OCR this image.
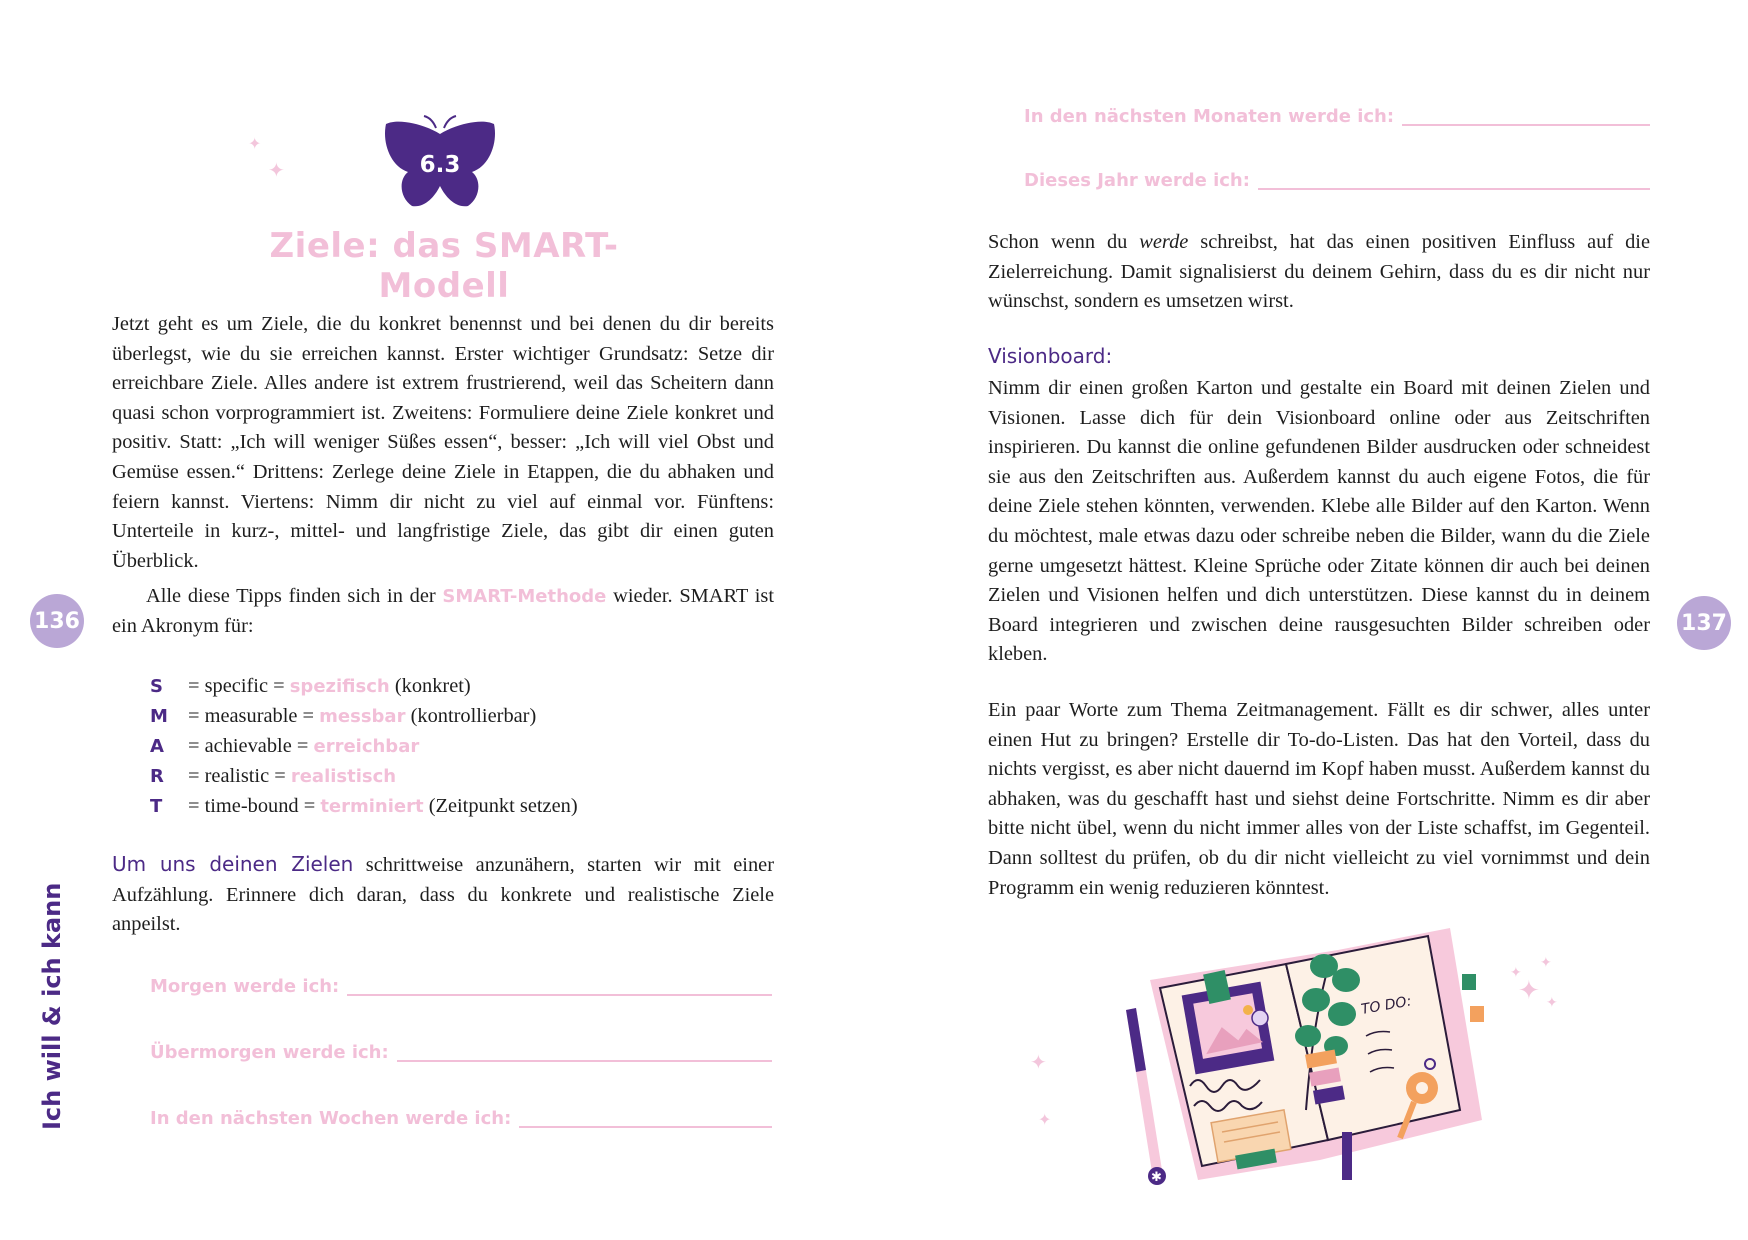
✦
✦	6.3
Ziele: das SMART-Modell

Jetzt geht es um Ziele, die du konkret benennst und bei denen du dir bereits überlegst, wie du sie erreichen kannst. Erster wichtiger Grundsatz: Setze dir erreichbare Ziele. Alles andere ist extrem frustrierend, weil das Scheitern dann quasi schon vorprogrammiert ist. Zweitens: Formuliere deine Ziele konkret und positiv. Statt: „Ich will weniger Süßes essen“, besser: „Ich will viel Obst und Gemüse essen.“ Drittens: Zerlege deine Ziele in Etappen, die du abhaken und feiern kannst. Viertens: Nimm dir nicht zu viel auf einmal vor. Fünftens: Unterteile in kurz-, mittel- und langfristige Ziele, das gibt dir einen guten Überblick.

Alle diese Tipps finden sich in der SMART-Methode wieder. SMART ist ein Akronym für:

136
S = specific = spezifisch (konkret)
M = measurable = messbar (kontrollierbar)
A = achievable = erreichbar
R = realistic = realistisch
T = time-bound = terminiert (Zeitpunkt setzen)

Um uns deinen Zielen schrittweise anzunähern, starten wir mit einer Aufzählung. Erinnere dich daran, dass du konkrete und realistische Ziele anpeilst.

Morgen werde ich:
Übermorgen werde ich:
In den nächsten Wochen werde ich:
Ich will & ich kann
In den nächsten Monaten werde ich:
Dieses Jahr werde ich:

Schon wenn du werde schreibst, hat das einen positiven Einfluss auf die Zielerreichung. Damit signalisierst du deinem Gehirn, dass du es dir nicht nur wünschst, sondern es umsetzen wirst.

Visionboard:

Nimm dir einen großen Karton und gestalte ein Board mit deinen Zielen und Visionen. Lasse dich für dein Visionboard online oder aus Zeitschriften inspirieren. Du kannst die online gefundenen Bilder ausdrucken oder schneidest sie aus den Zeitschriften aus. Außerdem kannst du auch eigene Fotos, die für deine Ziele stehen könnten, verwenden. Klebe alle Bilder auf den Karton. Wenn du möchtest, male etwas dazu oder schreibe neben die Bilder, wann du die Ziele gerne umgesetzt hättest. Kleine Sprüche oder Zitate können dir auch bei deinen Zielen und Visionen helfen und dich unterstützen. Diese kannst du in deinem Board integrieren und zwischen deine rausgesuchten Bilder schreiben oder kleben.

137

Ein paar Worte zum Thema Zeitmanagement. Fällt es dir schwer, alles unter einen Hut zu bringen? Erstelle dir To-do-Listen. Das hat den Vorteil, dass du nichts vergisst, es aber nicht dauernd im Kopf haben musst. Außerdem kannst du abhaken, was du geschafft hast und siehst deine Fortschritte. Nimm es dir aber bitte nicht übel, wenn du nicht immer alles von der Liste schaffst, im Gegenteil. Dann solltest du prüfen, ob du dir nicht vielleicht zu viel vornimmst und dein Programm ein wenig reduzieren könntest.

✦
✦
✦
✦
✦ ✦
TO DO:
✱
